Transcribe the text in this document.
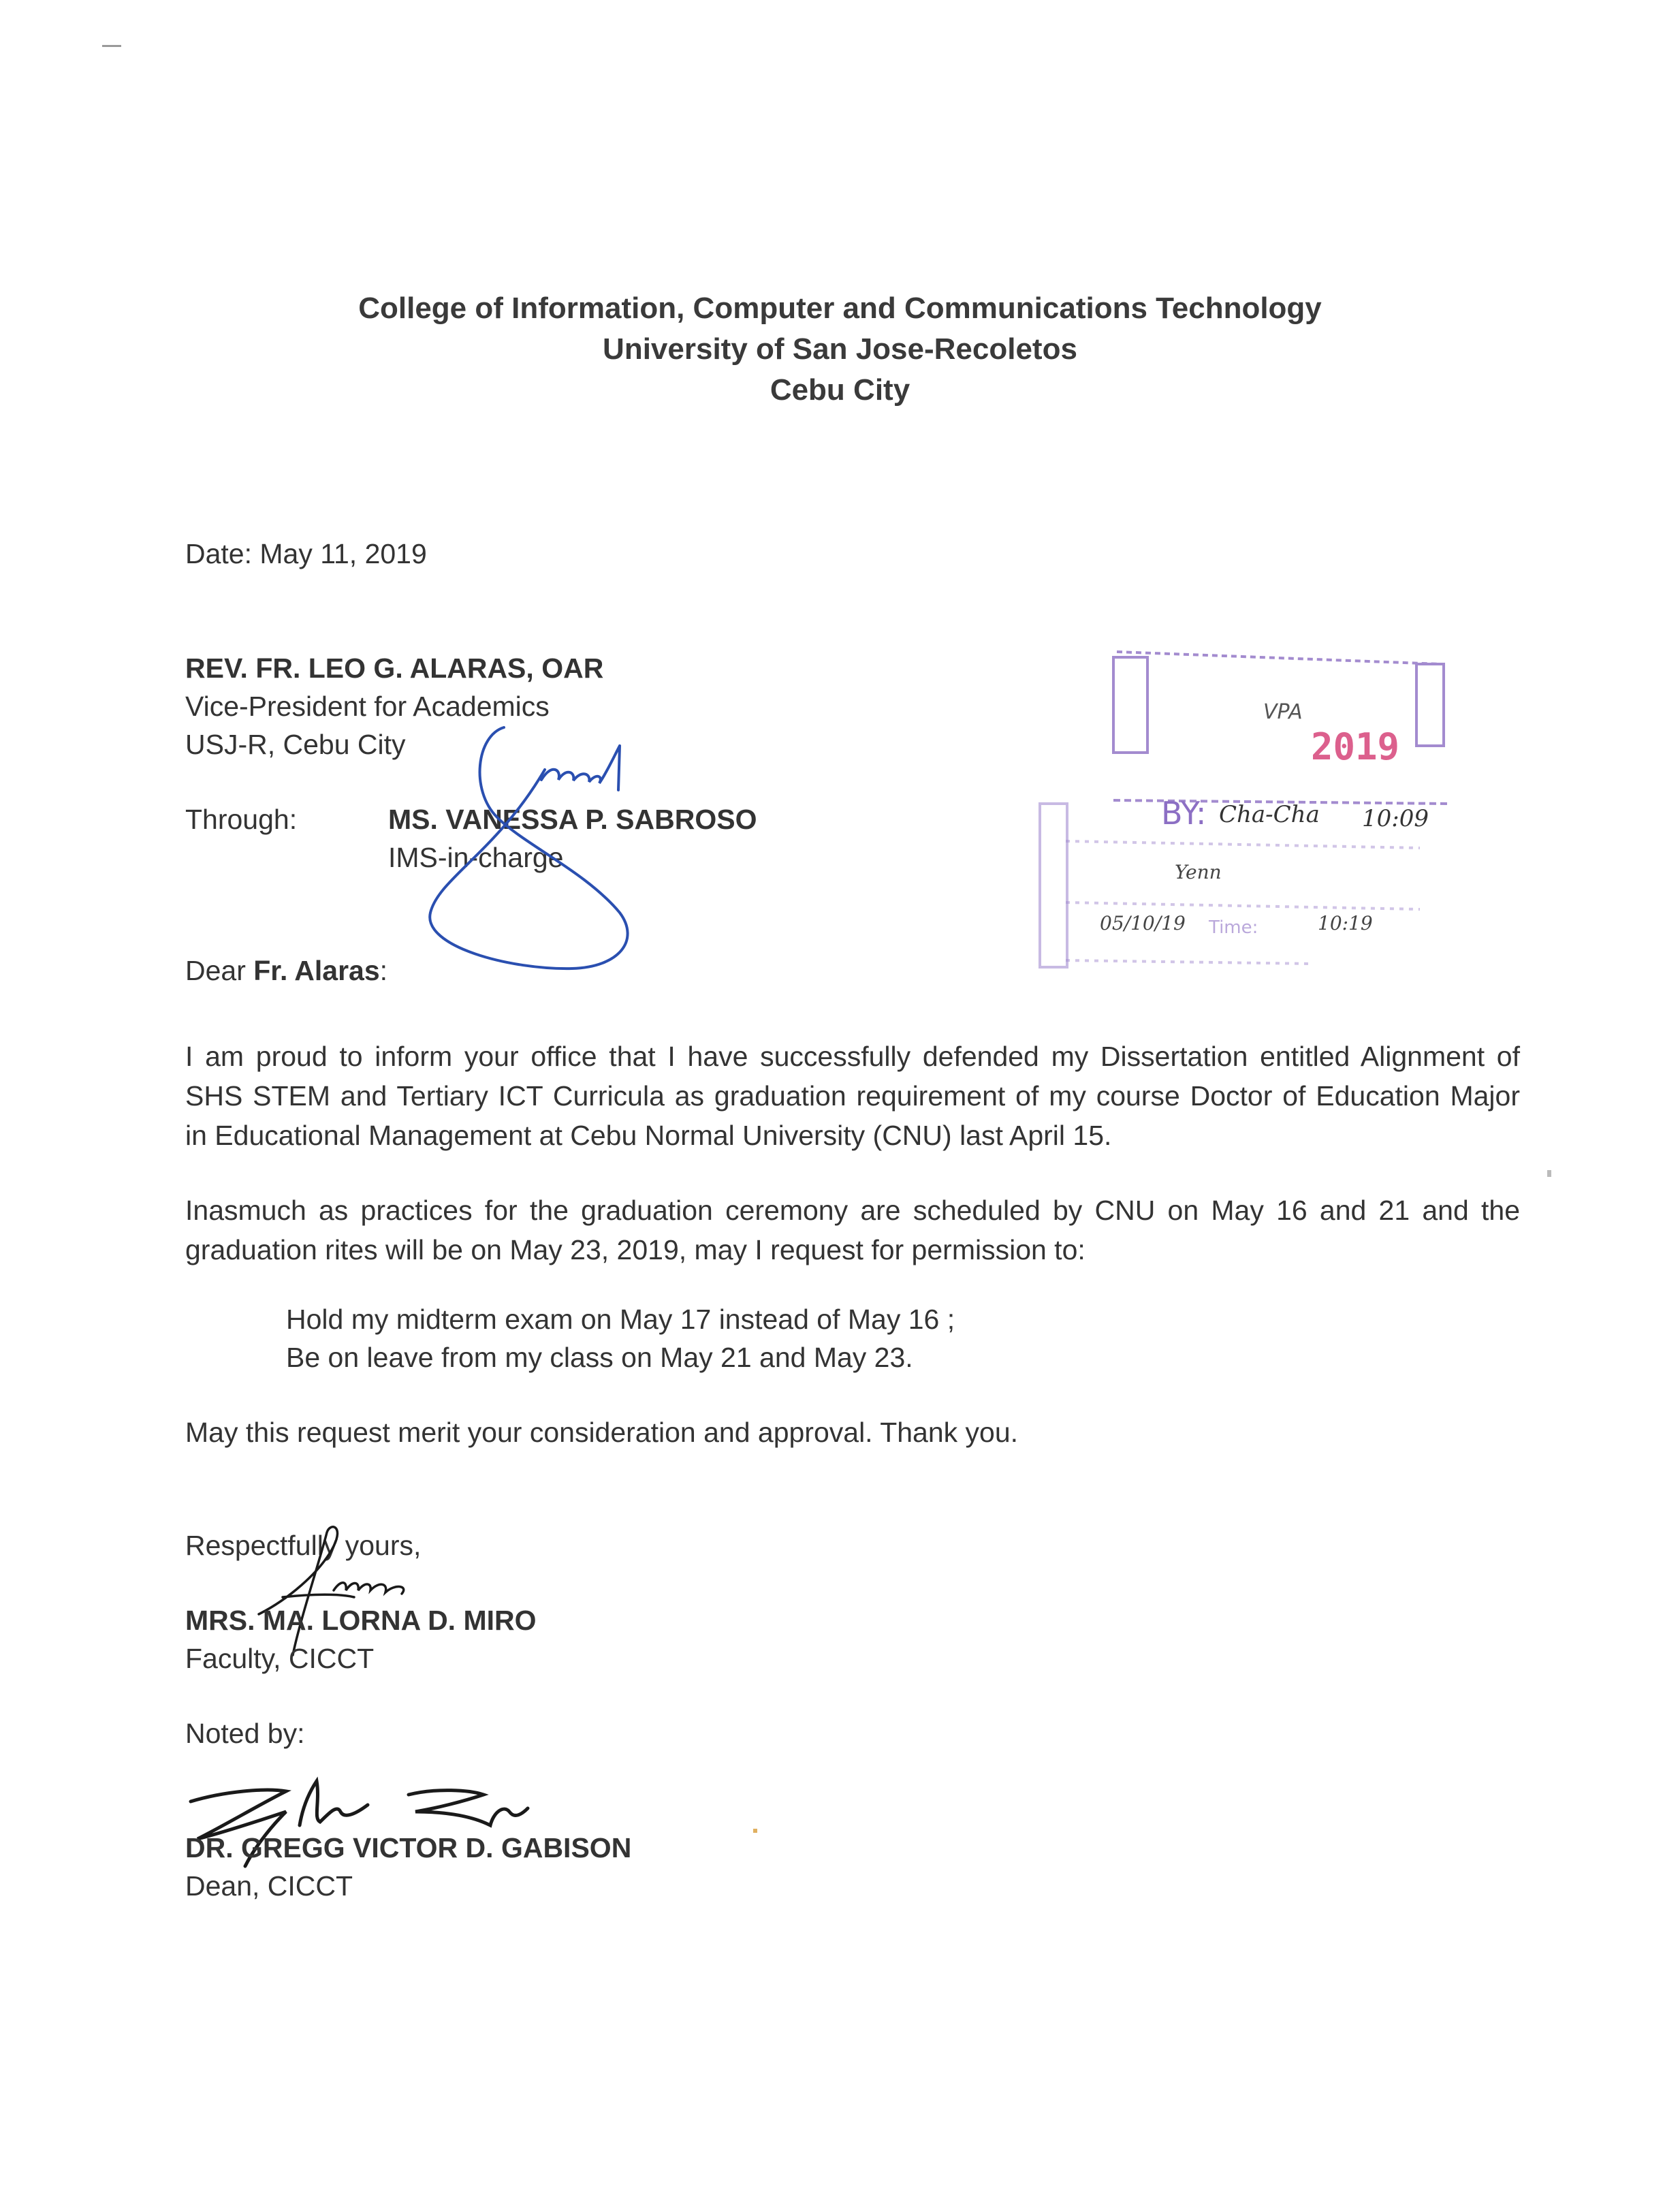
College of Information, Computer and Communications Technology
University of San Jose-Recoletos
Cebu City
Date: May 11, 2019
REV. FR. LEO G. ALARAS, OAR
Vice-President for Academics
USJ-R, Cebu City
Through:	MS. VANESSA P. SABROSO
IMS-in-charge
VPA
2019
BY: Cha-Cha 10:09
Yenn
05/10/19 Time:	10:19
Dear Fr. Alaras:
I am proud to inform your office that I have successfully defended my Dissertation entitled Alignment of
SHS STEM and Tertiary ICT Curricula as graduation requirement of my course Doctor of Education Major
in Educational Management at Cebu Normal University (CNU) last April 15.
Inasmuch as practices for the graduation ceremony are scheduled by CNU on May 16 and 21 and the
graduation rites will be on May 23, 2019, may I request for permission to:
Hold my midterm exam on May 17 instead of May 16 ;
Be on leave from my class on May 21 and May 23.
May this request merit your consideration and approval. Thank you.
Respectfully yours,
MRS. MA. LORNA D. MIRO
Faculty, CICCT
Noted by:
DR. GREGG VICTOR D. GABISON
Dean, CICCT
